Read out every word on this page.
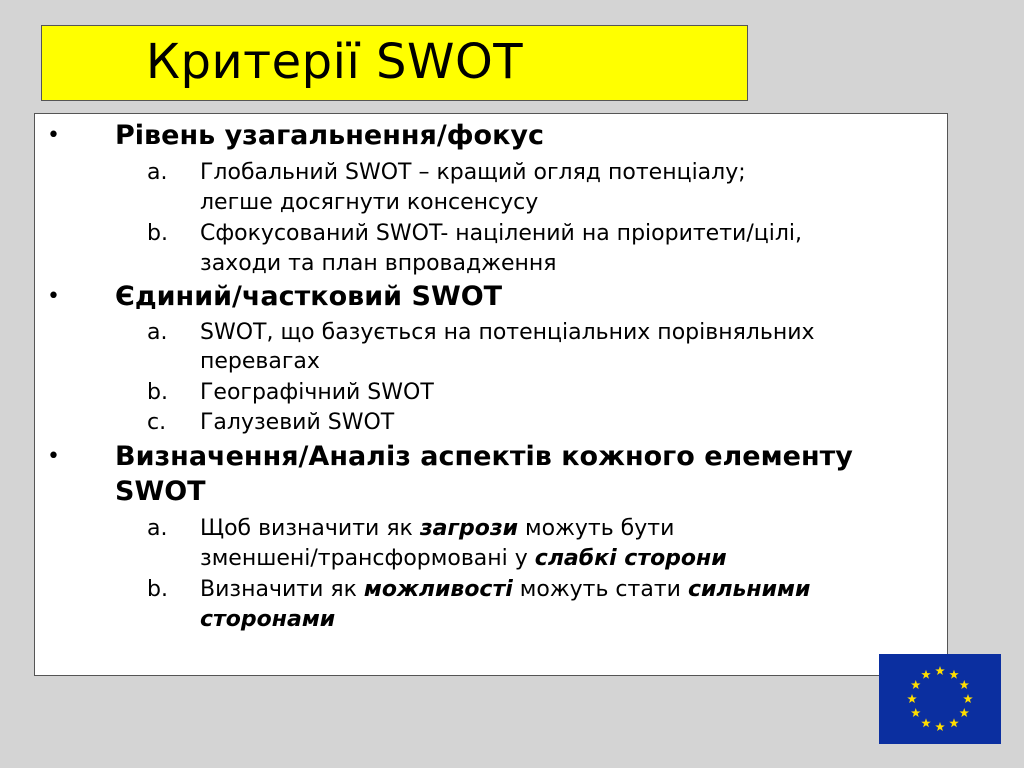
Критерії SWOT
• Рівень узагальнення/фокус
a. Глобальний SWOT – кращий огляд потенціалу;
легше досягнути консенсусу
b. Сфокусований SWOT- націлений на пріоритети/цілі,
заходи та план впровадження
• Єдиний/частковий SWOT
a. SWOT, що базується на потенціальних порівняльних
перевагах
b. Географічний SWOT
c. Галузевий SWOT
• Визначення/Аналіз аспектів кожного елементу
SWOT
a. Щоб визначити як загрози можуть бути
зменшені/трансформовані у слабкі сторони
b. Визначити як можливості можуть стати сильними
сторонами
